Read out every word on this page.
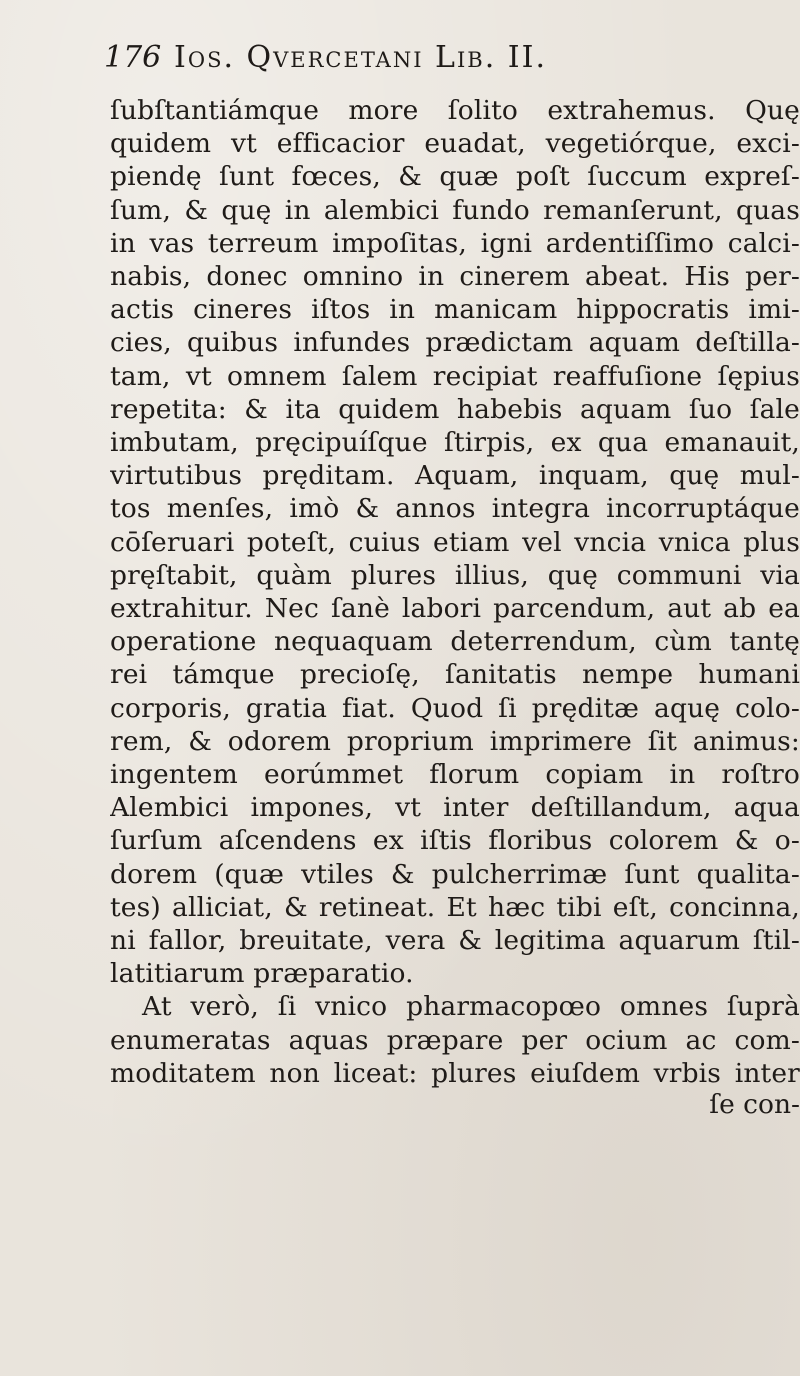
176 Ios. Qvercetani Lib. II.
ſubſtantiámque more ſolito extrahemus. Quę
quidem vt efficacior euadat, vegetiórque, exci-
piendę ſunt fœces, & quæ poſt ſuccum expreſ-
ſum, & quę in alembici fundo remanſerunt, quas
in vas terreum impoſitas, igni ardentiſſimo calci-
nabis, donec omnino in cinerem abeat. His per-
actis cineres iſtos in manicam hippocratis imi-
cies, quibus infundes prædictam aquam deſtilla-
tam, vt omnem ſalem recipiat reaffuſione ſępius
repetita: & ita quidem habebis aquam ſuo ſale
imbutam, pręcipuíſque ſtirpis, ex qua emanauit,
virtutibus pręditam. Aquam, inquam, quę mul-
tos menſes, imò & annos integra incorruptáque
cōſeruari poteſt, cuius etiam vel vncia vnica plus
pręſtabit, quàm plures illius, quę communi via
extrahitur. Nec ſanè labori parcendum, aut ab ea
operatione nequaquam deterrendum, cùm tantę
rei támque precioſę, ſanitatis nempe humani
corporis, gratia fiat. Quod ſi pręditæ aquę colo-
rem, & odorem proprium imprimere ſit animus:
ingentem eorúmmet florum copiam in roſtro
Alembici impones, vt inter deſtillandum, aqua
ſurſum aſcendens ex iſtis floribus colorem & o-
dorem (quæ vtiles & pulcherrimæ ſunt qualita-
tes) alliciat, & retineat. Et hæc tibi eſt, concinna,
ni fallor, breuitate, vera & legitima aquarum ſtil-
latitiarum præparatio.
At verò, ſi vnico pharmacopœo omnes ſuprà
enumeratas aquas præpare per ocium ac com-
moditatem non liceat: plures eiuſdem vrbis inter
ſe con-
